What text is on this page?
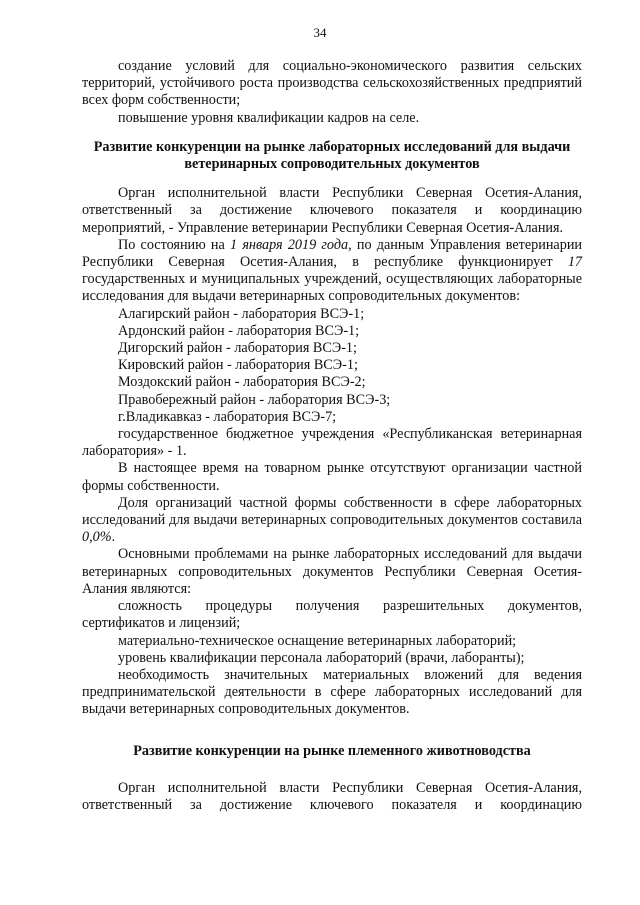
34

создание условий для социально-экономического развития сельских территорий, устойчивого роста производства сельскохозяйственных предприятий всех форм собственности;

повышение уровня квалификации кадров на селе.

Развитие конкуренции на рынке лабораторных исследований для выдачи ветеринарных сопроводительных документов

Орган исполнительной власти Республики Северная Осетия-Алания, ответственный за достижение ключевого показателя и координацию мероприятий, - Управление ветеринарии Республики Северная Осетия-Алания.

По состоянию на 1 января 2019 года, по данным Управления ветеринарии Республики Северная Осетия-Алания, в республике функционирует 17 государственных и муниципальных учреждений, осуществляющих лабораторные исследования для выдачи ветеринарных сопроводительных документов:

Алагирский район - лаборатория ВСЭ-1;

Ардонский район - лаборатория ВСЭ-1;

Дигорский район - лаборатория ВСЭ-1;

Кировский район - лаборатория ВСЭ-1;

Моздокский район - лаборатория ВСЭ-2;

Правобережный район - лаборатория ВСЭ-3;

г.Владикавказ - лаборатория ВСЭ-7;

государственное бюджетное учреждения «Республиканская ветеринарная лаборатория» - 1.

В настоящее время на товарном рынке отсутствуют организации частной формы собственности.

Доля организаций частной формы собственности в сфере лабораторных исследований для выдачи ветеринарных сопроводительных документов составила 0,0%.

Основными проблемами на рынке лабораторных исследований для выдачи ветеринарных сопроводительных документов Республики Северная Осетия-Алания являются:

сложность процедуры получения разрешительных документов, сертификатов и лицензий;

материально-техническое оснащение ветеринарных лабораторий;

уровень квалификации персонала лабораторий (врачи, лаборанты);

необходимость значительных материальных вложений для ведения предпринимательской деятельности в сфере лабораторных исследований для выдачи ветеринарных сопроводительных документов.

Развитие конкуренции на рынке племенного животноводства

Орган исполнительной власти Республики Северная Осетия-Алания, ответственный за достижение ключевого показателя и координацию
